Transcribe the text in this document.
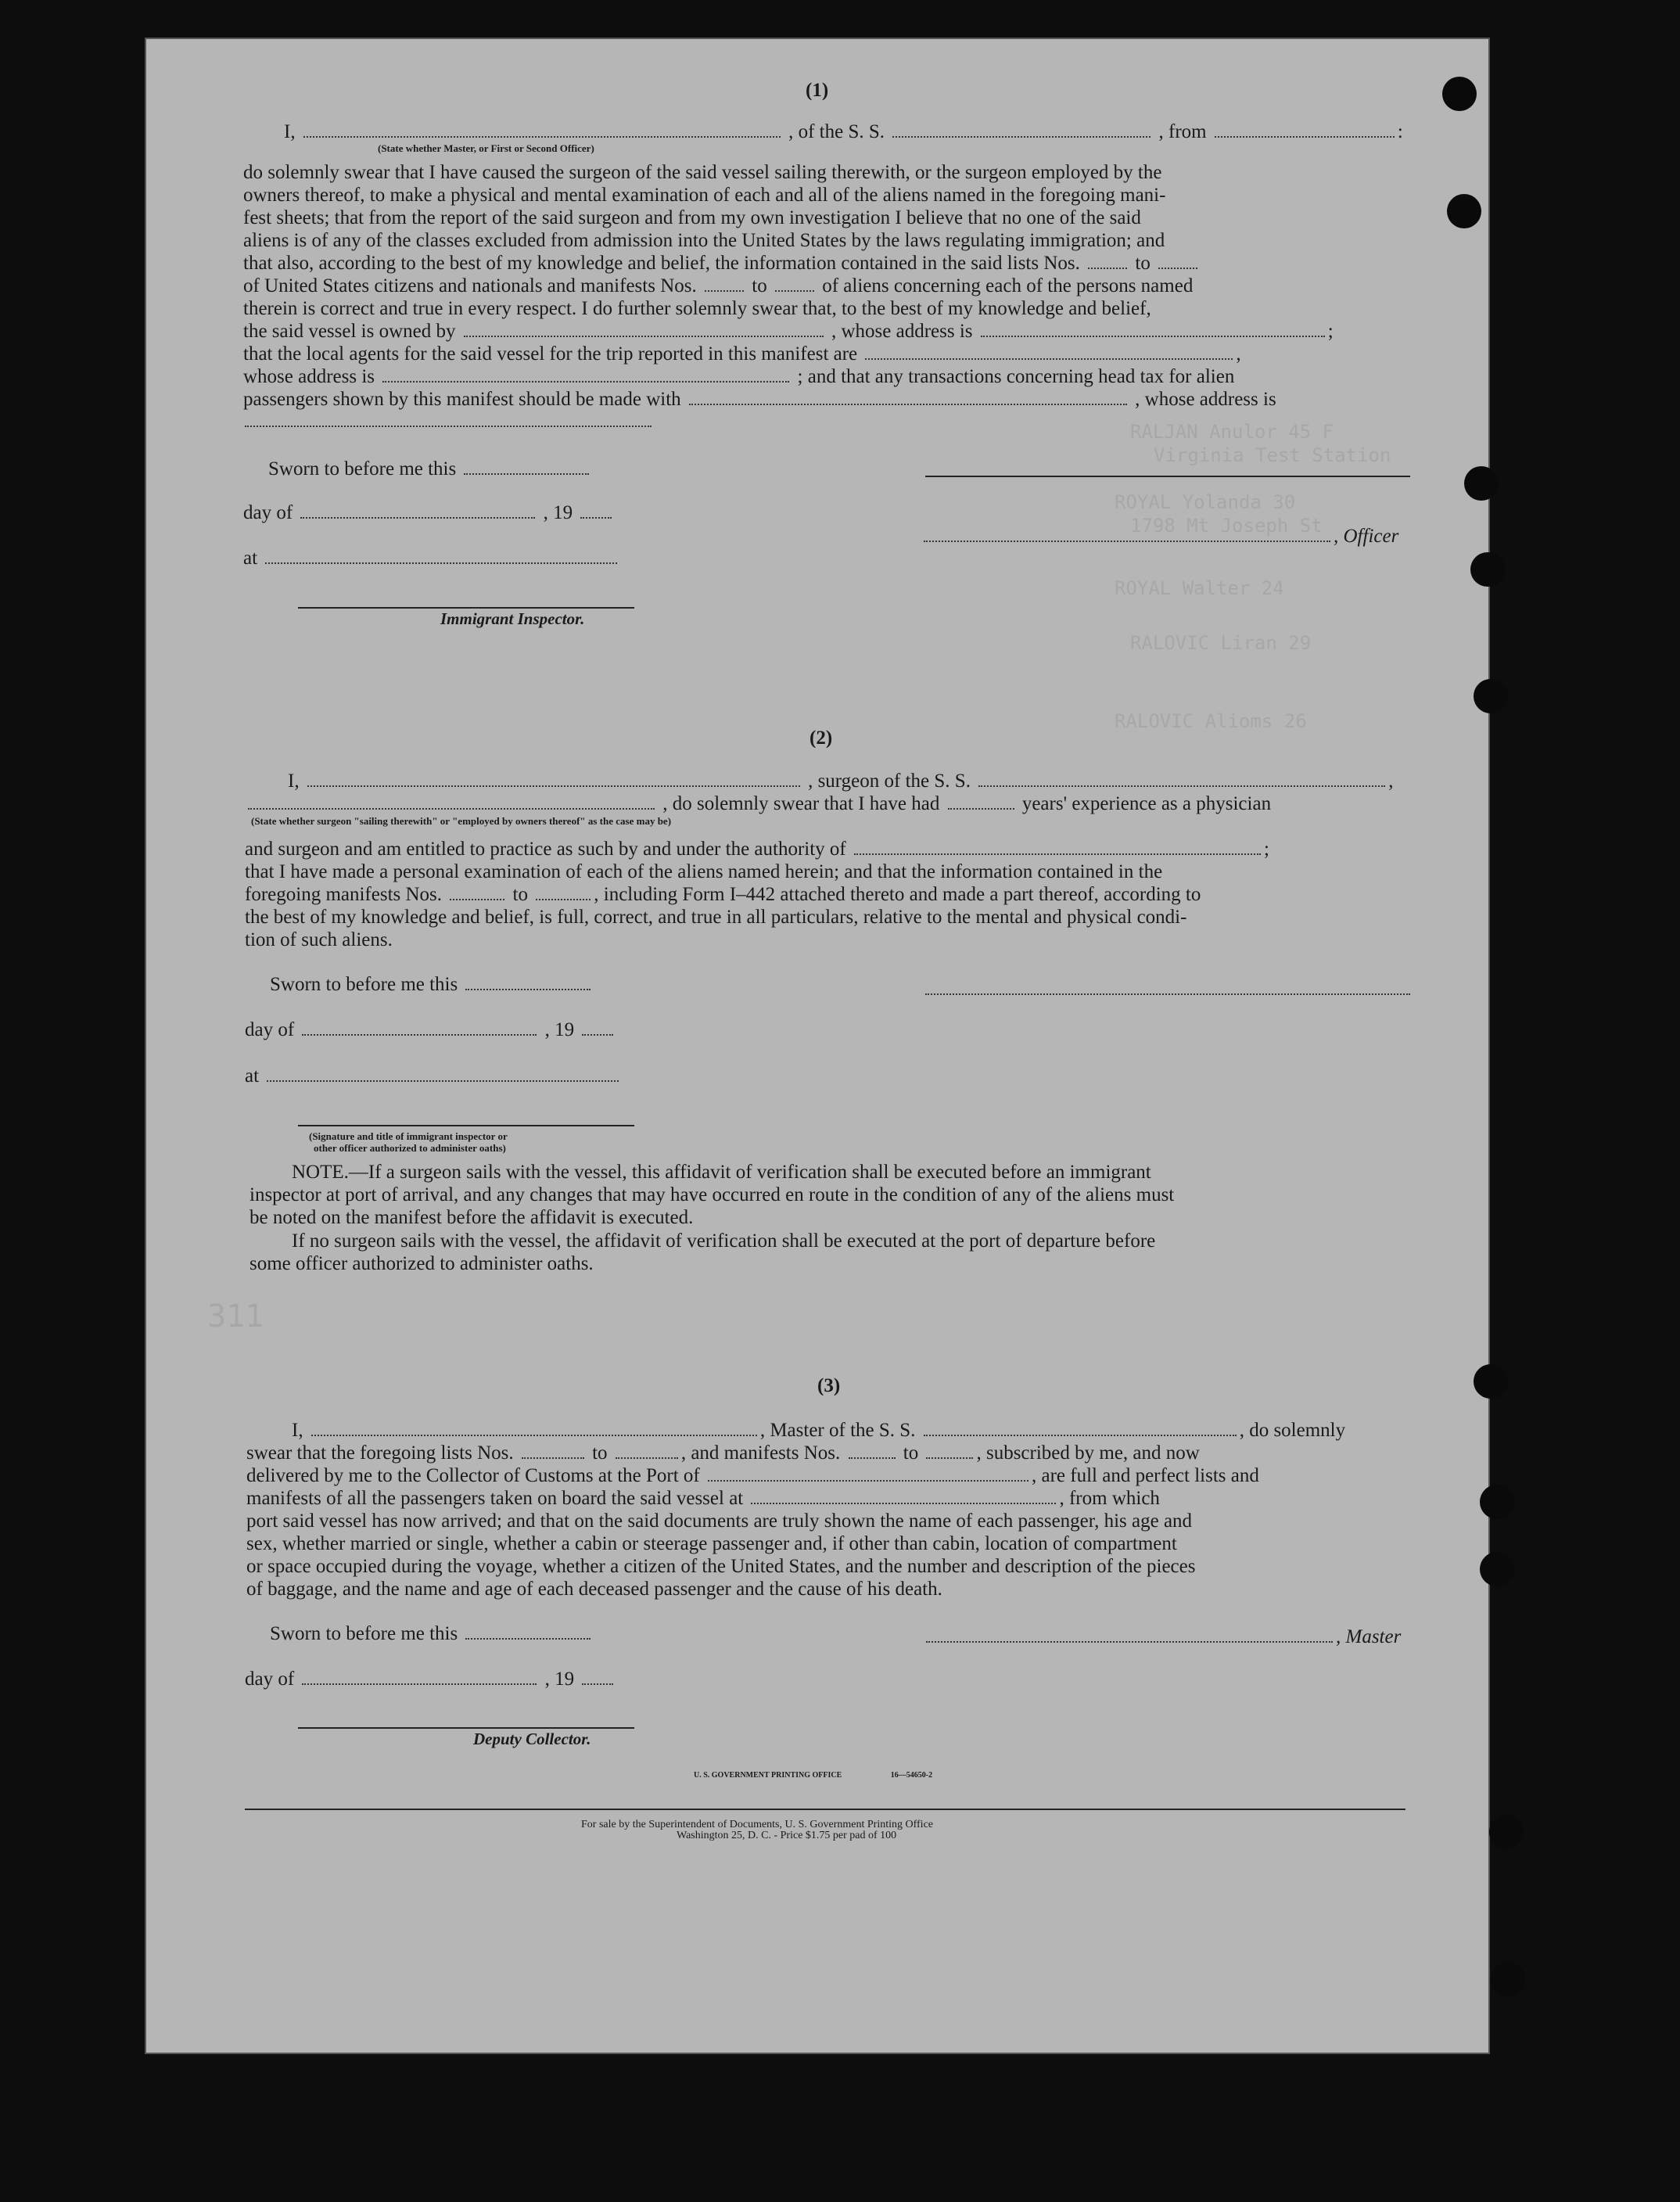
RALJAN Anulor 45 F
Virginia Test Station
ROYAL Yolanda 30
1798 Mt Joseph St
ROYAL Walter 24
RALOVIC Liran 29
RALOVIC Alioms 26
311
(1)
I,	, of the S. S.	, from	:
(State whether Master, or First or Second Officer)
do solemnly swear that I have caused the surgeon of the said vessel sailing therewith, or the surgeon employed by the
owners thereof, to make a physical and mental examination of each and all of the aliens named in the foregoing mani-
fest sheets; that from the report of the said surgeon and from my own investigation I believe that no one of the said
aliens is of any of the classes excluded from admission into the United States by the laws regulating immigration; and
that also, according to the best of my knowledge and belief, the information contained in the said lists Nos.	to
of United States citizens and nationals and manifests Nos.	to	of aliens concerning each of the persons named
therein is correct and true in every respect. I do further solemnly swear that, to the best of my knowledge and belief,
the said vessel is owned by	, whose address is	;
that the local agents for the said vessel for the trip reported in this manifest are	,
whose address is	; and that any transactions concerning head tax for alien
passengers shown by this manifest should be made with	, whose address is
Sworn to before me this
day of	, 19
, Officer
at
Immigrant Inspector.
(2)
I,	, surgeon of the S. S.	,
, do solemnly swear that I have had	years' experience as a physician
(State whether surgeon "sailing therewith" or "employed by owners thereof" as the case may be)
and surgeon and am entitled to practice as such by and under the authority of	;
that I have made a personal examination of each of the aliens named herein; and that the information contained in the
foregoing manifests Nos.	to	, including Form I–442 attached thereto and made a part thereof, according to
the best of my knowledge and belief, is full, correct, and true in all particulars, relative to the mental and physical condi-
tion of such aliens.
Sworn to before me this
day of	, 19
at
(Signature and title of immigrant inspector or
other officer authorized to administer oaths)
NOTE.—If a surgeon sails with the vessel, this affidavit of verification shall be executed before an immigrant
inspector at port of arrival, and any changes that may have occurred en route in the condition of any of the aliens must
be noted on the manifest before the affidavit is executed.
If no surgeon sails with the vessel, the affidavit of verification shall be executed at the port of departure before
some officer authorized to administer oaths.
(3)
I,	, Master of the S. S.	, do solemnly
swear that the foregoing lists Nos.	to	, and manifests Nos.	to	, subscribed by me, and now
delivered by me to the Collector of Customs at the Port of	, are full and perfect lists and
manifests of all the passengers taken on board the said vessel at	, from which
port said vessel has now arrived; and that on the said documents are truly shown the name of each passenger, his age and
sex, whether married or single, whether a cabin or steerage passenger and, if other than cabin, location of compartment
or space occupied during the voyage, whether a citizen of the United States, and the number and description of the pieces
of baggage, and the name and age of each deceased passenger and the cause of his death.
Sworn to before me this	, Master
day of	, 19
Deputy Collector.
U. S. GOVERNMENT PRINTING OFFICE	16—54650-2
For sale by the Superintendent of Documents, U. S. Government Printing Office
Washington 25, D. C. - Price $1.75 per pad of 100
